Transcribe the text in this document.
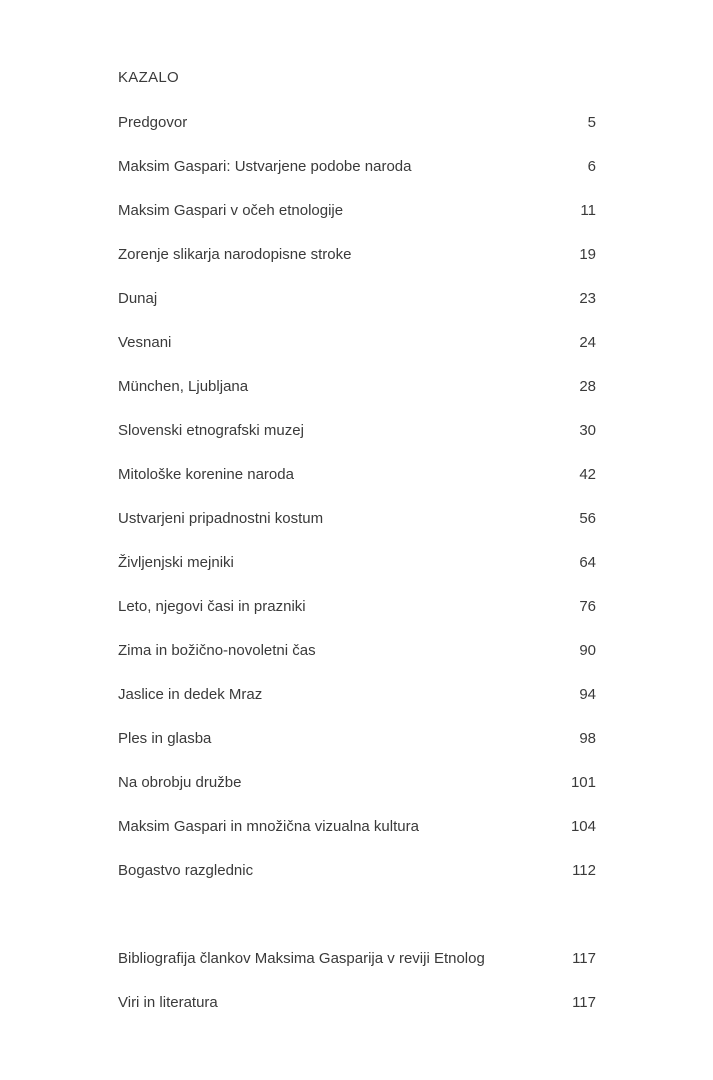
KAZALO
Predgovor	5
Maksim Gaspari: Ustvarjene podobe naroda	6
Maksim Gaspari v očeh etnologije	11
Zorenje slikarja narodopisne stroke	19
Dunaj	23
Vesnani	24
München, Ljubljana	28
Slovenski etnografski muzej	30
Mitološke korenine naroda	42
Ustvarjeni pripadnostni kostum	56
Življenjski mejniki	64
Leto, njegovi časi in prazniki	76
Zima in božično-novoletni čas	90
Jaslice in dedek Mraz	94
Ples in glasba	98
Na obrobju družbe	101
Maksim Gaspari in množična vizualna kultura	104
Bogastvo razglednic	112
Bibliografija člankov Maksima Gasparija v reviji Etnolog	117
Viri in literatura	117
